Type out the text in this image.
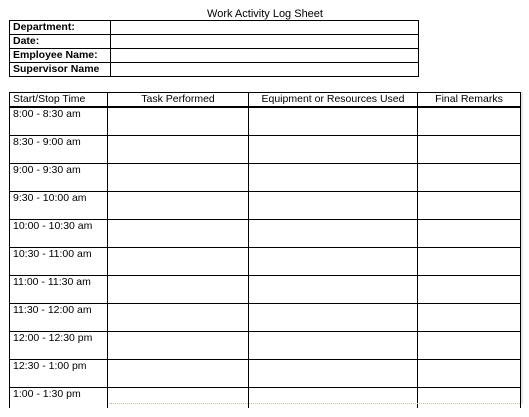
Work Activity Log Sheet
Department:	
Date:	
Employee Name:	
Supervisor Name	
Start/Stop Time	Task Performed	Equipment or Resources Used	Final Remarks
8:00 - 8:30 am			
8:30 - 9:00 am			
9:00 - 9:30 am			
9:30 - 10:00 am			
10:00 - 10:30 am			
10:30 - 11:00 am			
11:00 - 11:30 am			
11:30 - 12:00 am			
12:00 - 12:30 pm			
12:30 - 1:00 pm			
1:00 - 1:30 pm			
